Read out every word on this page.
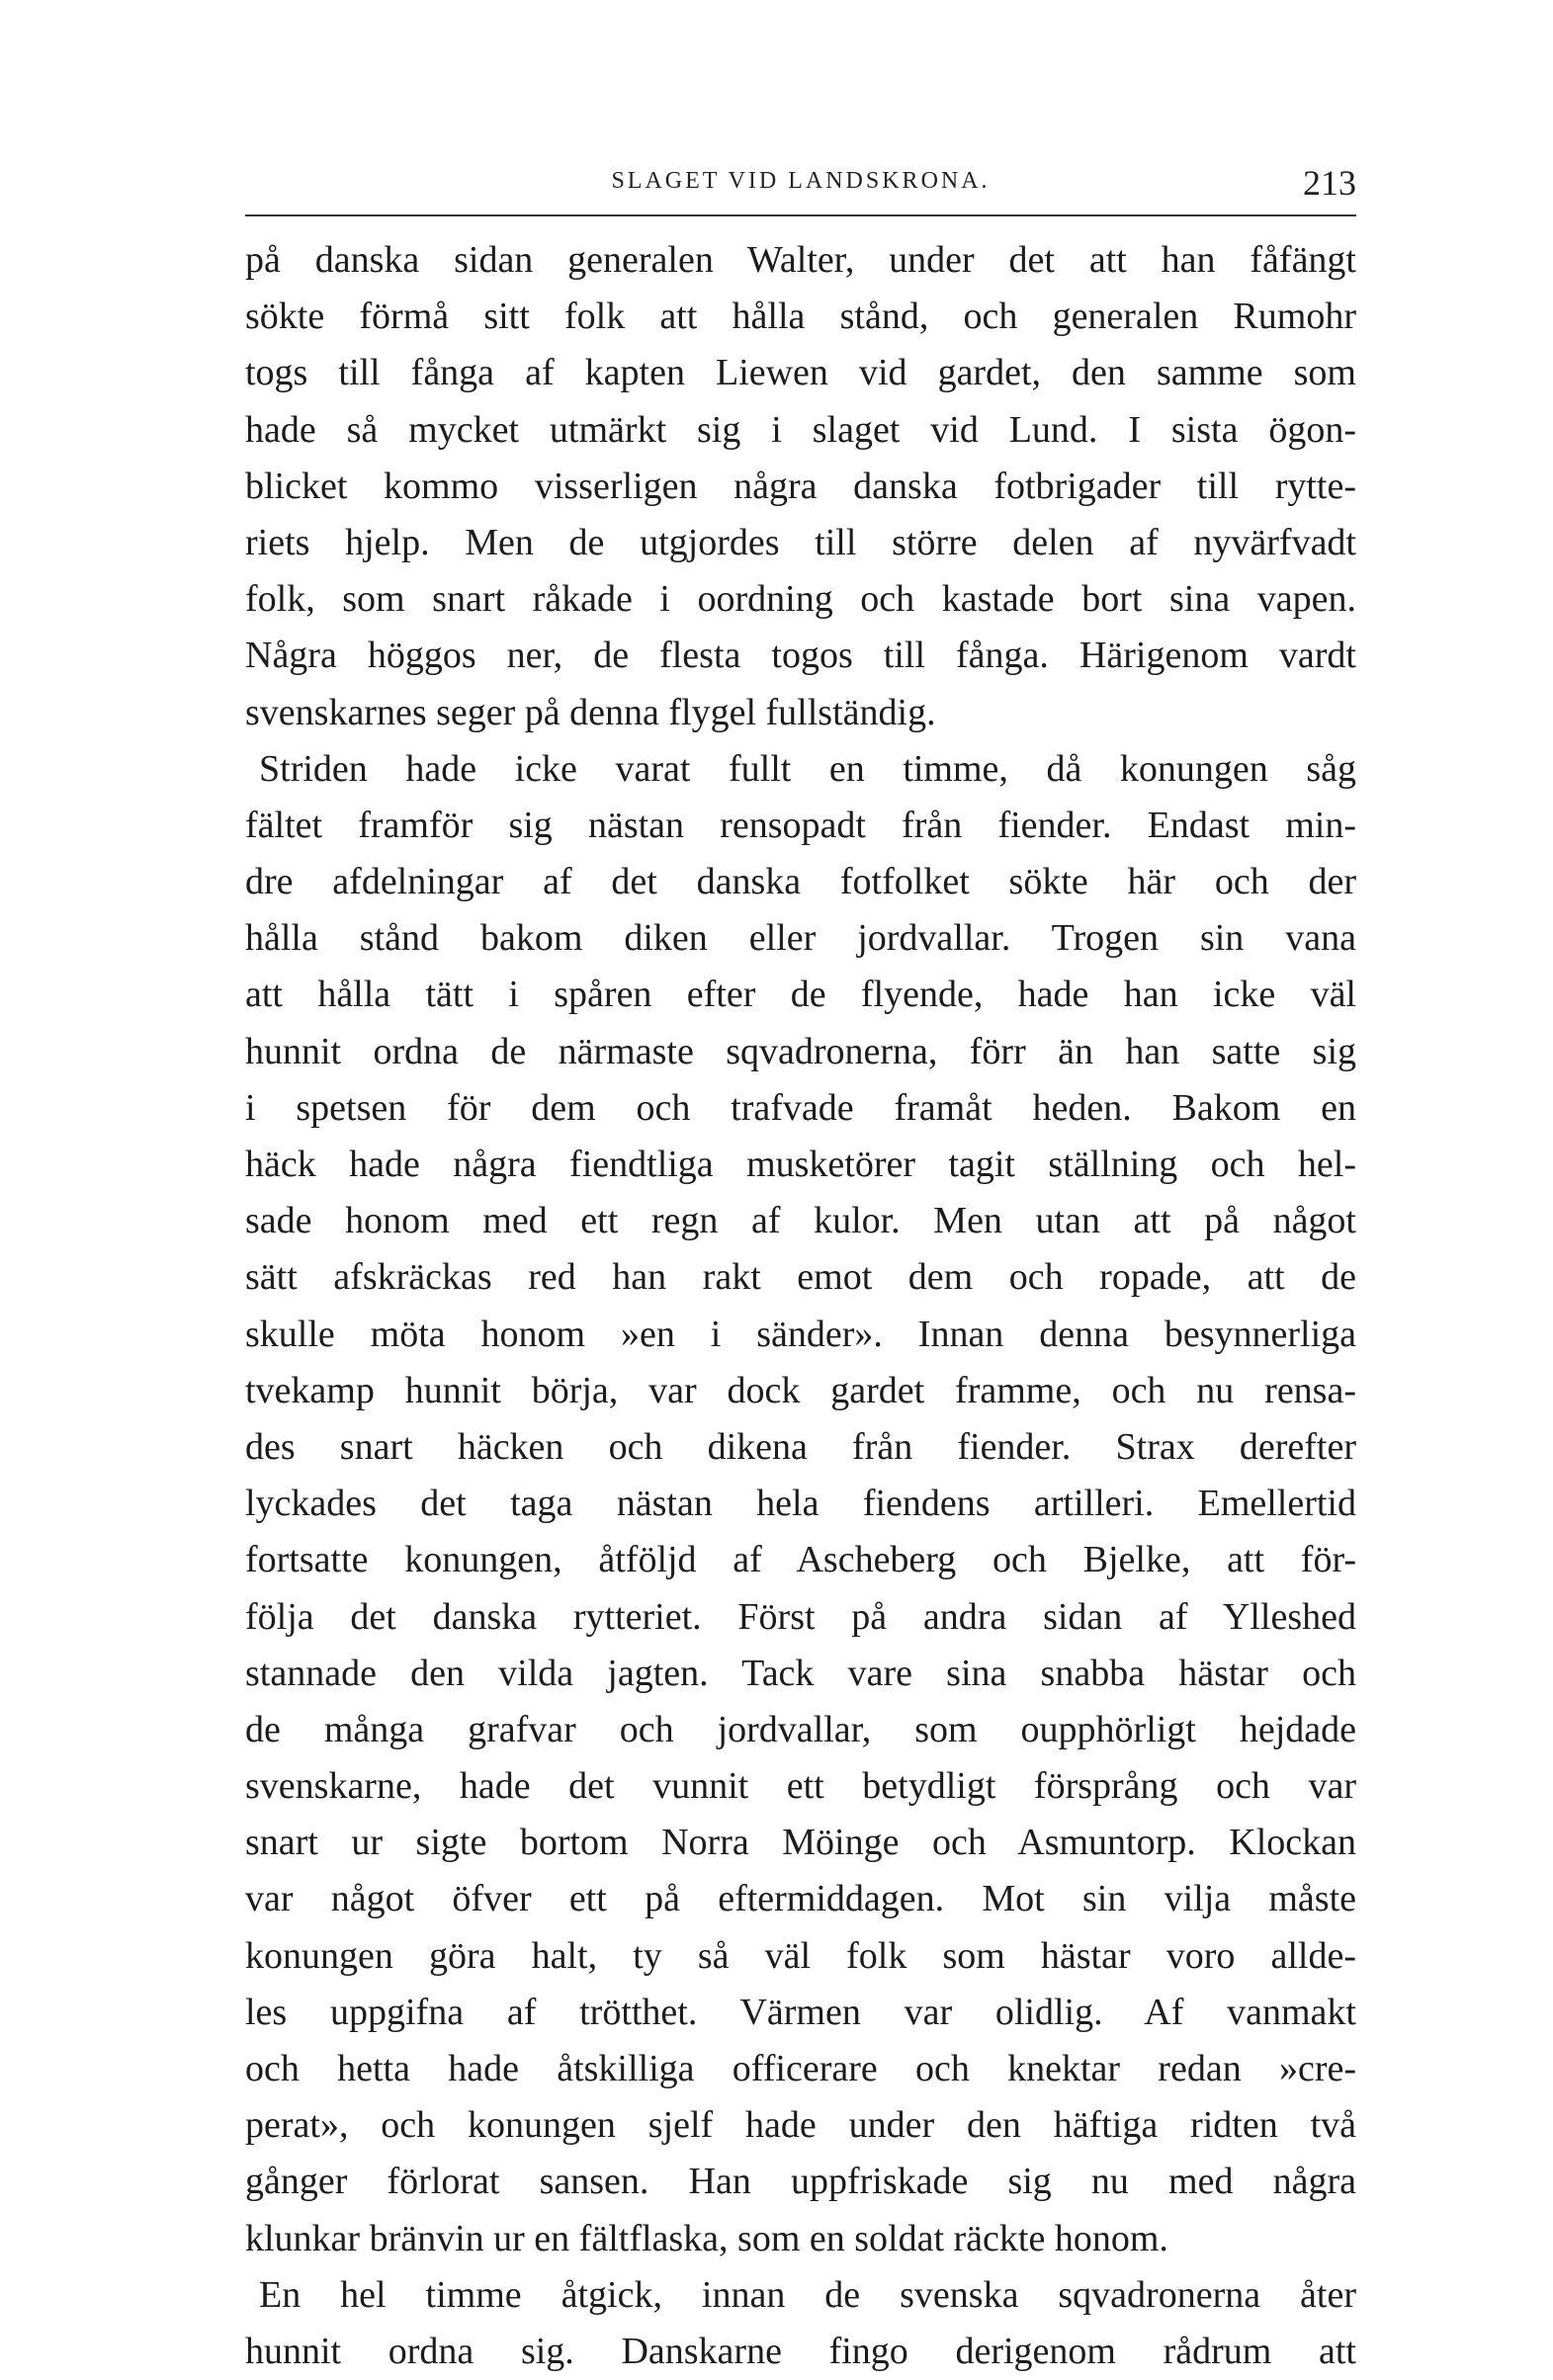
SLAGET VID LANDSKRONA.	213
på danska sidan generalen Walter, under det att han fåfängt
sökte förmå sitt folk att hålla stånd, och generalen Rumohr
togs till fånga af kapten Liewen vid gardet, den samme som
hade så mycket utmärkt sig i slaget vid Lund. I sista ögon-
blicket kommo visserligen några danska fotbrigader till rytte-
riets hjelp. Men de utgjordes till större delen af nyvärfvadt
folk, som snart råkade i oordning och kastade bort sina vapen.
Några höggos ner, de flesta togos till fånga. Härigenom vardt
svenskarnes seger på denna flygel fullständig.
Striden hade icke varat fullt en timme, då konungen såg
fältet framför sig nästan rensopadt från fiender. Endast min-
dre afdelningar af det danska fotfolket sökte här och der
hålla stånd bakom diken eller jordvallar. Trogen sin vana
att hålla tätt i spåren efter de flyende, hade han icke väl
hunnit ordna de närmaste sqvadronerna, förr än han satte sig
i spetsen för dem och trafvade framåt heden. Bakom en
häck hade några fiendtliga musketörer tagit ställning och hel-
sade honom med ett regn af kulor. Men utan att på något
sätt afskräckas red han rakt emot dem och ropade, att de
skulle möta honom »en i sänder». Innan denna besynnerliga
tvekamp hunnit börja, var dock gardet framme, och nu rensa-
des snart häcken och dikena från fiender. Strax derefter
lyckades det taga nästan hela fiendens artilleri. Emellertid
fortsatte konungen, åtföljd af Ascheberg och Bjelke, att för-
följa det danska rytteriet. Först på andra sidan af Ylleshed
stannade den vilda jagten. Tack vare sina snabba hästar och
de många grafvar och jordvallar, som oupphörligt hejdade
svenskarne, hade det vunnit ett betydligt försprång och var
snart ur sigte bortom Norra Möinge och Asmuntorp. Klockan
var något öfver ett på eftermiddagen. Mot sin vilja måste
konungen göra halt, ty så väl folk som hästar voro allde-
les uppgifna af trötthet. Värmen var olidlig. Af vanmakt
och hetta hade åtskilliga officerare och knektar redan »cre-
perat», och konungen sjelf hade under den häftiga ridten två
gånger förlorat sansen. Han uppfriskade sig nu med några
klunkar bränvin ur en fältflaska, som en soldat räckte honom.
En hel timme åtgick, innan de svenska sqvadronerna åter
hunnit ordna sig. Danskarne fingo derigenom rådrum att
